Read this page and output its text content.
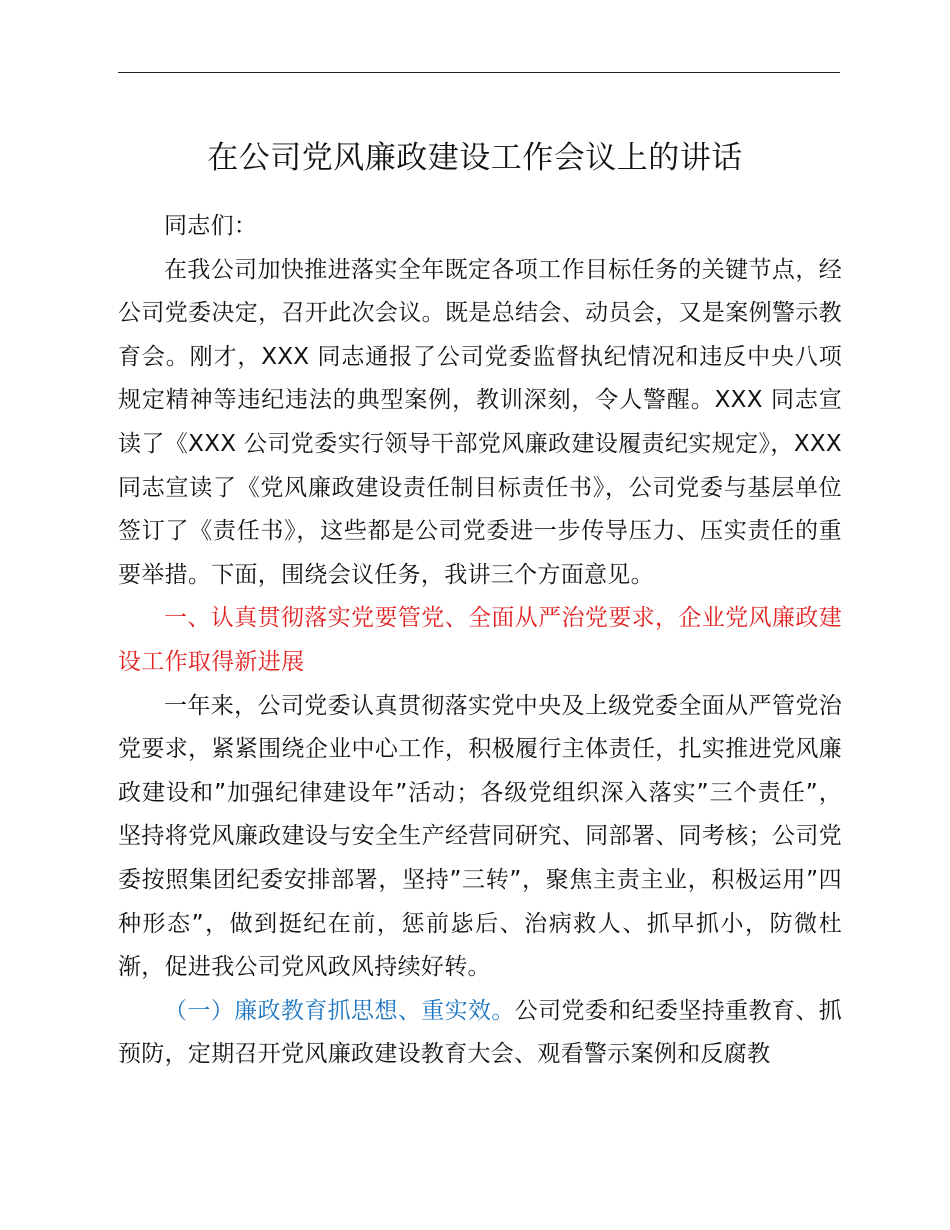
在公司党风廉政建设工作会议上的讲话

同志们：

在我公司加快推进落实全年既定各项工作目标任务的关键节点，经公司党委决定，召开此次会议。既是总结会、动员会，又是案例警示教育会。刚才，XXX 同志通报了公司党委监督执纪情况和违反中央八项规定精神等违纪违法的典型案例，教训深刻，令人警醒。XXX 同志宣读了《XXX 公司党委实行领导干部党风廉政建设履责纪实规定》，XXX 同志宣读了《党风廉政建设责任制目标责任书》，公司党委与基层单位签订了《责任书》，这些都是公司党委进一步传导压力、压实责任的重要举措。下面，围绕会议任务，我讲三个方面意见。

一、认真贯彻落实党要管党、全面从严治党要求，企业党风廉政建设工作取得新进展

一年来，公司党委认真贯彻落实党中央及上级党委全面从严管党治党要求，紧紧围绕企业中心工作，积极履行主体责任，扎实推进党风廉政建设和”加强纪律建设年”活动；各级党组织深入落实”三个责任”，坚持将党风廉政建设与安全生产经营同研究、同部署、同考核；公司党委按照集团纪委安排部署，坚持”三转”，聚焦主责主业，积极运用”四种形态”，做到挺纪在前，惩前毖后、治病救人、抓早抓小，防微杜渐，促进我公司党风政风持续好转。

（一）廉政教育抓思想、重实效。公司党委和纪委坚持重教育、抓预防，定期召开党风廉政建设教育大会、观看警示案例和反腐教
